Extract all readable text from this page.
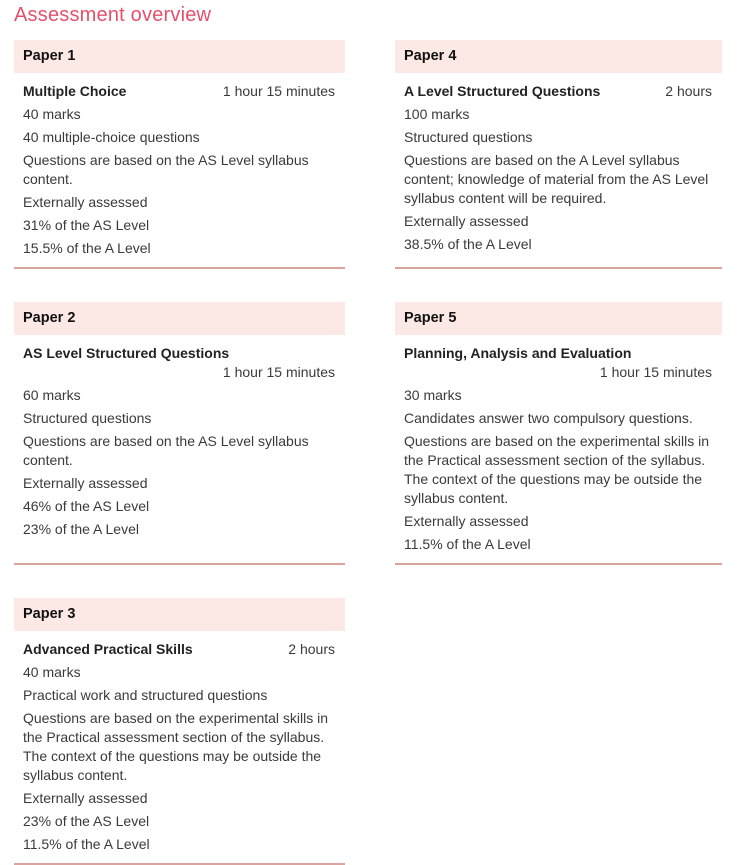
Assessment overview
Paper 1

Multiple Choice	1 hour 15 minutes

40 marks

40 multiple-choice questions

Questions are based on the AS Level syllabus content.

Externally assessed

31% of the AS Level

15.5% of the A Level

Paper 4

A Level Structured Questions	2 hours

100 marks

Structured questions

Questions are based on the A Level syllabus content; knowledge of material from the AS Level syllabus content will be required.

Externally assessed

38.5% of the A Level

Paper 2

AS Level Structured Questions
1 hour 15 minutes

60 marks

Structured questions

Questions are based on the AS Level syllabus content.

Externally assessed

46% of the AS Level

23% of the A Level

Paper 5

Planning, Analysis and Evaluation
1 hour 15 minutes

30 marks

Candidates answer two compulsory questions.

Questions are based on the experimental skills in the Practical assessment section of the syllabus. The context of the questions may be outside the syllabus content.

Externally assessed

11.5% of the A Level

Paper 3

Advanced Practical Skills	2 hours

40 marks

Practical work and structured questions

Questions are based on the experimental skills in the Practical assessment section of the syllabus. The context of the questions may be outside the syllabus content.

Externally assessed

23% of the AS Level

11.5% of the A Level
